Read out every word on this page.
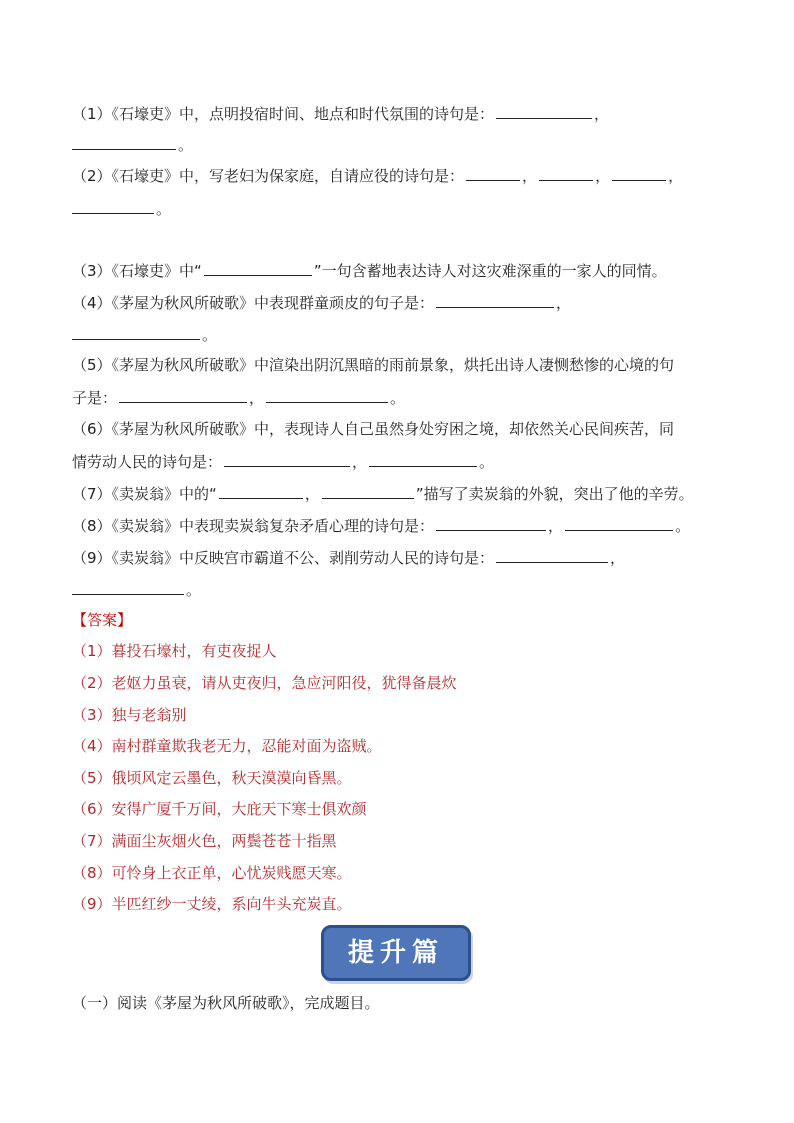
（1）《石壕吏》中，点明投宿时间、地点和时代氛围的诗句是：	，
。
（2）《石壕吏》中，写老妇为保家庭，自请应役的诗句是：	，	，	，
。
（3）《石壕吏》中“	”一句含蓄地表达诗人对这灾难深重的一家人的同情。
（4）《茅屋为秋风所破歌》中表现群童顽皮的句子是：	，
。
（5）《茅屋为秋风所破歌》中渲染出阴沉黑暗的雨前景象，烘托出诗人凄恻愁惨的心境的句
子是：	，	。
（6）《茅屋为秋风所破歌》中，表现诗人自己虽然身处穷困之境，却依然关心民间疾苦，同
情劳动人民的诗句是：	，	。
（7）《卖炭翁》中的“	，	”描写了卖炭翁的外貌，突出了他的辛劳。
（8）《卖炭翁》中表现卖炭翁复杂矛盾心理的诗句是：	，	。
（9）《卖炭翁》中反映宫市霸道不公、剥削劳动人民的诗句是：	，
。
【答案】
（1）暮投石壕村，有吏夜捉人
（2）老妪力虽衰，请从吏夜归，急应河阳役，犹得备晨炊
（3）独与老翁别
（4）南村群童欺我老无力，忍能对面为盗贼。
（5）俄顷风定云墨色，秋天漠漠向昏黑。
（6）安得广厦千万间，大庇天下寒士俱欢颜
（7）满面尘灰烟火色，两鬓苍苍十指黑
（8）可怜身上衣正单，心忧炭贱愿天寒。
（9）半匹红纱一丈绫，系向牛头充炭直。
提升篇
（一）阅读《茅屋为秋风所破歌》，完成题目。
